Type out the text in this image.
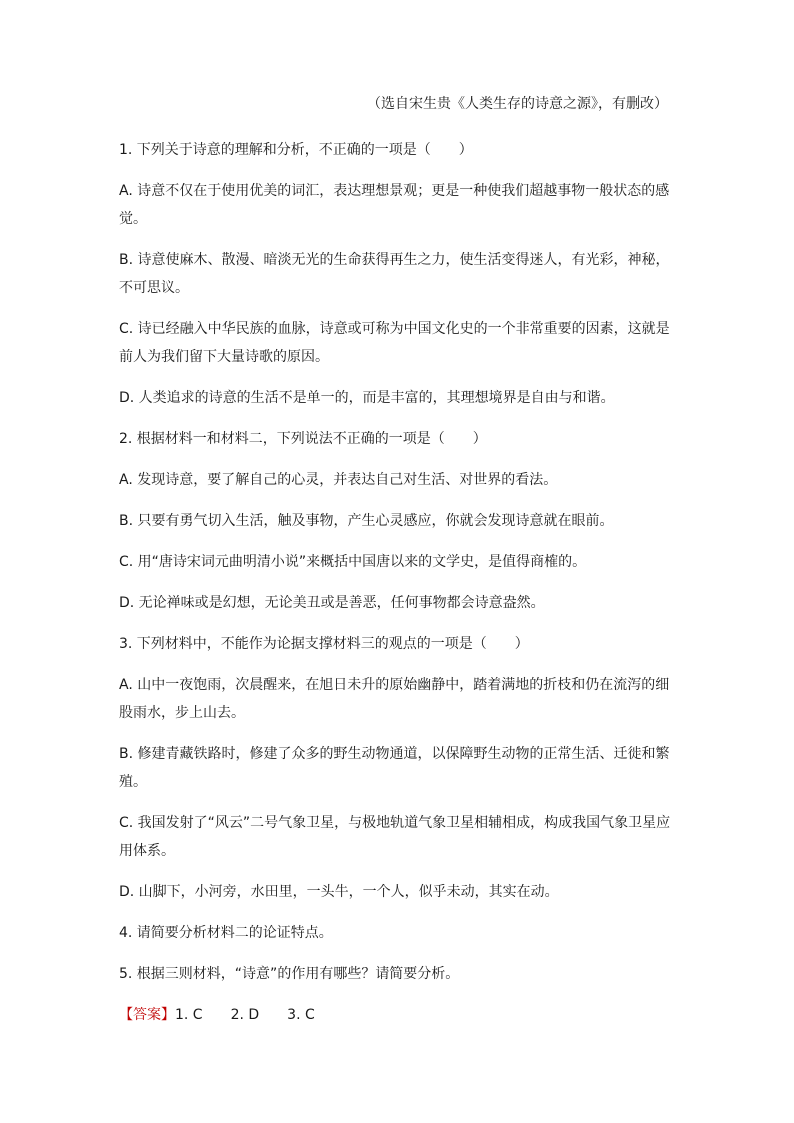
（选自宋生贵《人类生存的诗意之源》，有删改）

1. 下列关于诗意的理解和分析，不正确的一项是（　　）

A. 诗意不仅在于使用优美的词汇，表达理想景观；更是一种使我们超越事物一般状态的感觉。

B. 诗意使麻木、散漫、暗淡无光的生命获得再生之力，使生活变得迷人，有光彩，神秘，不可思议。

C. 诗已经融入中华民族的血脉，诗意或可称为中国文化史的一个非常重要的因素，这就是前人为我们留下大量诗歌的原因。

D. 人类追求的诗意的生活不是单一的，而是丰富的，其理想境界是自由与和谐。

2. 根据材料一和材料二，下列说法不正确的一项是（　　）

A. 发现诗意，要了解自己的心灵，并表达自己对生活、对世界的看法。

B. 只要有勇气切入生活，触及事物，产生心灵感应，你就会发现诗意就在眼前。

C. 用“唐诗宋词元曲明清小说”来概括中国唐以来的文学史，是值得商榷的。

D. 无论禅味或是幻想，无论美丑或是善恶，任何事物都会诗意盎然。

3. 下列材料中，不能作为论据支撑材料三的观点的一项是（　　）

A. 山中一夜饱雨，次晨醒来，在旭日未升的原始幽静中，踏着满地的折枝和仍在流泻的细股雨水，步上山去。

B. 修建青藏铁路时，修建了众多的野生动物通道，以保障野生动物的正常生活、迁徙和繁殖。

C. 我国发射了“风云”二号气象卫星，与极地轨道气象卫星相辅相成，构成我国气象卫星应用体系。

D. 山脚下，小河旁，水田里，一头牛，一个人，似乎未动，其实在动。

4. 请简要分析材料二的论证特点。

5. 根据三则材料，“诗意”的作用有哪些？请简要分析。

【答案】1. C　　2. D　　3. C
